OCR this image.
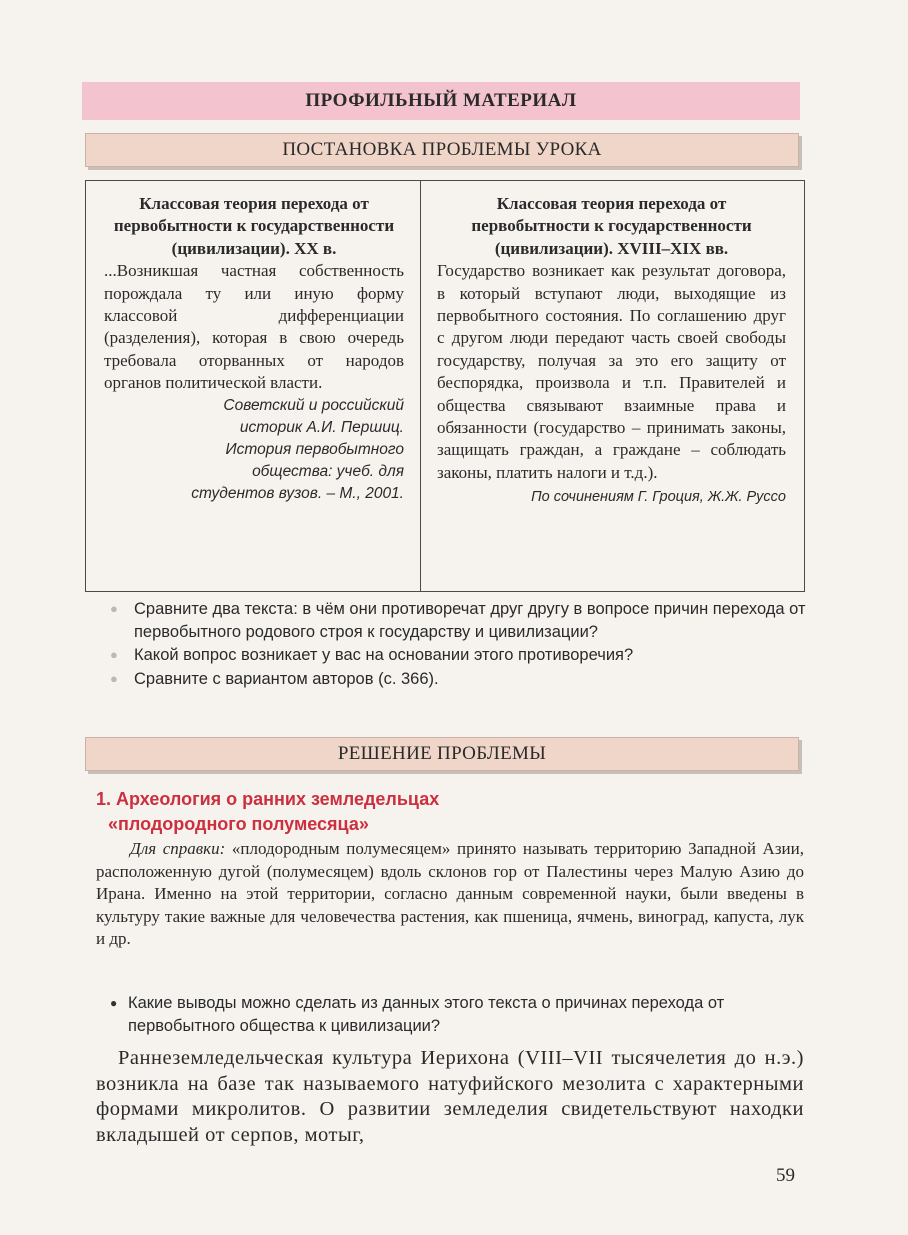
ПРОФИЛЬНЫЙ МАТЕРИАЛ
ПОСТАНОВКА ПРОБЛЕМЫ УРОКА
Классовая теория перехода от первобытности к государственности (цивилизации). XX в.
...Возникшая частная собственность порождала ту или иную форму классовой дифференциации (разделения), которая в свою очередь требовала оторванных от народов органов политической власти.
Советский и российский
историк А.И. Першиц.
История первобытного
общества: учеб. для
студентов вузов. – М., 2001.
Классовая теория перехода от первобытности к государственности (цивилизации). XVIII–XIX вв.
Государство возникает как результат договора, в который вступают люди, выходящие из первобытного состояния. По соглашению друг с другом люди передают часть своей свободы государству, получая за это его защиту от беспорядка, произвола и т.п. Правителей и общества связывают взаимные права и обязанности (государство – принимать законы, защищать граждан, а граждане – соблюдать законы, платить налоги и т.д.).
По сочинениям Г. Гроция, Ж.Ж. Руссо
● Сравните два текста: в чём они противоречат друг другу в вопросе причин перехода от первобытного родового строя к государству и цивилизации?
● Какой вопрос возникает у вас на основании этого противоречия?
● Сравните с вариантом авторов (с. 366).
РЕШЕНИЕ ПРОБЛЕМЫ
1. Археология о ранних земледельцах
«плодородного полумесяца»
Для справки: «плодородным полумесяцем» принято называть территорию Западной Азии, расположенную дугой (полумесяцем) вдоль склонов гор от Палестины через Малую Азию до Ирана. Именно на этой территории, согласно данным современной науки, были введены в культуру такие важные для человечества растения, как пшеница, ячмень, виноград, капуста, лук и др.
● Какие выводы можно сделать из данных этого текста о причинах перехода от первобытного общества к цивилизации?
Раннеземледельческая культура Иерихона (VIII–VII тысячелетия до н.э.) возникла на базе так называемого натуфийского мезолита с характерными формами микролитов. О развитии земледелия свидетельствуют находки вкладышей от серпов, мотыг,
59
